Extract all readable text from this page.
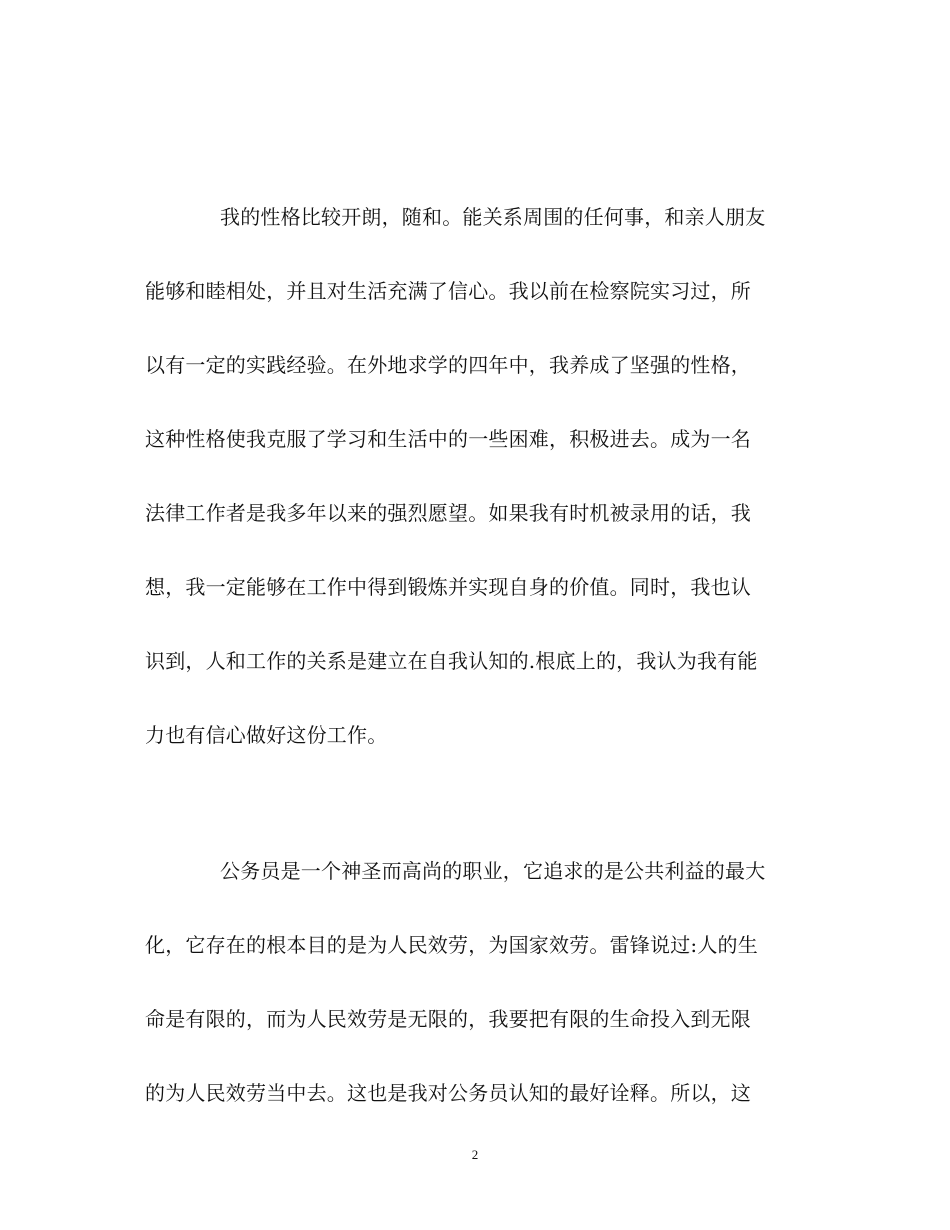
我的性格比较开朗，随和。能关系周围的任何事，和亲人朋友
能够和睦相处，并且对生活充满了信心。我以前在检察院实习过，所
以有一定的实践经验。在外地求学的四年中，我养成了坚强的性格，
这种性格使我克服了学习和生活中的一些困难，积极进去。成为一名
法律工作者是我多年以来的强烈愿望。如果我有时机被录用的话，我
想，我一定能够在工作中得到锻炼并实现自身的价值。同时，我也认
识到，人和工作的关系是建立在自我认知的.根底上的，我认为我有能
力也有信心做好这份工作。
公务员是一个神圣而高尚的职业，它追求的是公共利益的最大
化，它存在的根本目的是为人民效劳，为国家效劳。雷锋说过:人的生
命是有限的，而为人民效劳是无限的，我要把有限的生命投入到无限
的为人民效劳当中去。这也是我对公务员认知的最好诠释。所以，这
2
